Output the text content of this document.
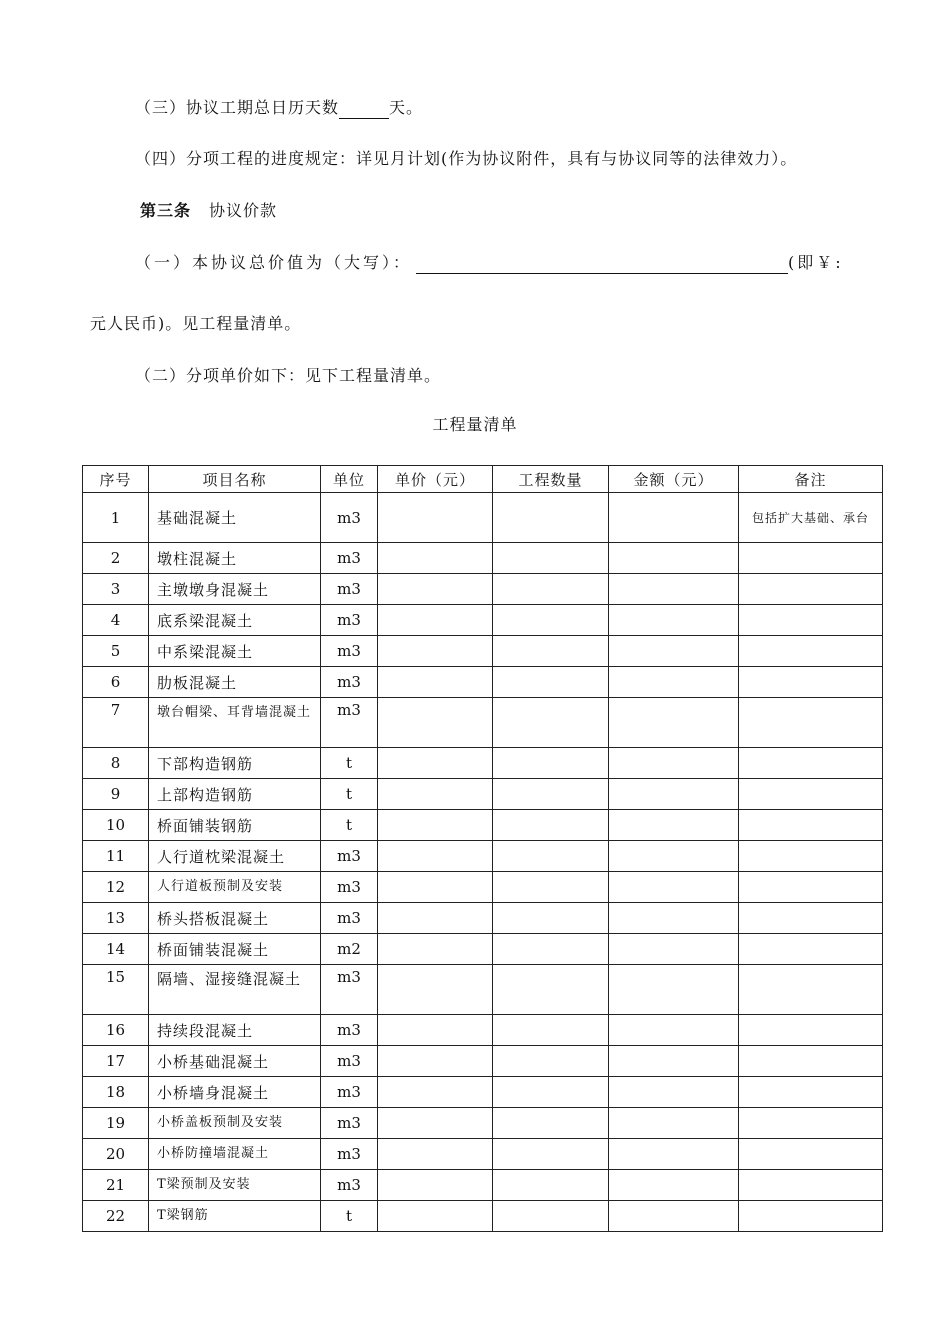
（三）协议工期总日历天数	天。
（四）分项工程的进度规定：详见月计划(作为协议附件，具有与协议同等的法律效力）。
第三条 协议价款
（一）本协议总价值为（大写）：	(即￥:
元人民币)。见工程量清单。
（二）分项单价如下：见下工程量清单。
工程量清单
序号	项目名称	单位	单价（元）	工程数量	金额（元）	备注
1	基础混凝土	m3				包括扩大基础、承台
2	墩柱混凝土	m3				
3	主墩墩身混凝土	m3				
4	底系梁混凝土	m3				
5	中系梁混凝土	m3				
6	肋板混凝土	m3				
7	墩台帽梁、耳背墙混凝土	m3				
8	下部构造钢筋	t				
9	上部构造钢筋	t				
10	桥面铺装钢筋	t				
11	人行道枕梁混凝土	m3				
12	人行道板预制及安装	m3				
13	桥头搭板混凝土	m3				
14	桥面铺装混凝土	m2				
15	隔墙、湿接缝混凝土	m3				
16	持续段混凝土	m3				
17	小桥基础混凝土	m3				
18	小桥墙身混凝土	m3				
19	小桥盖板预制及安装	m3				
20	小桥防撞墙混凝土	m3				
21	T梁预制及安装	m3				
22	T梁钢筋	t				
